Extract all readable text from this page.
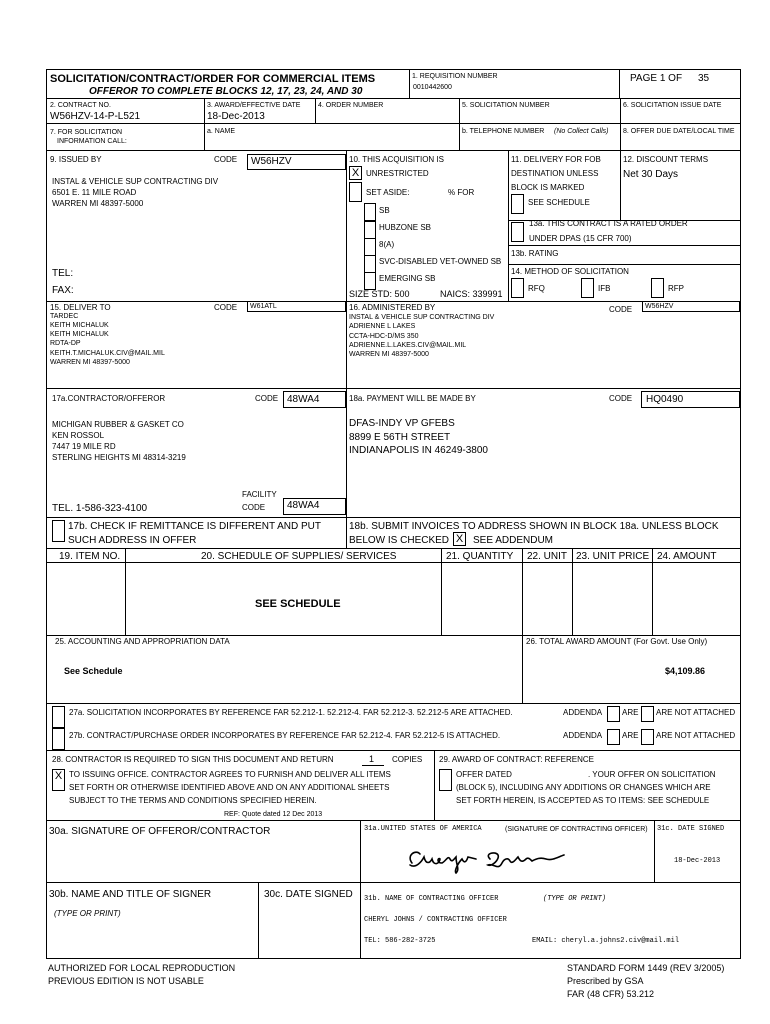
SOLICITATION/CONTRACT/ORDER FOR COMMERCIAL ITEMS
OFFEROR TO COMPLETE BLOCKS 12, 17, 23, 24, AND 30
1. REQUISITION NUMBER
0010442600
PAGE 1 OF 35
2. CONTRACT NO.
W56HZV-14-P-L521
3. AWARD/EFFECTIVE DATE
18-Dec-2013
4. ORDER NUMBER	5. SOLICITATION NUMBER	6. SOLICITATION ISSUE DATE
7. FOR SOLICITATION
INFORMATION CALL:
a. NAME	b. TELEPHONE NUMBER (No Collect Calls) 8. OFFER DUE DATE/LOCAL TIME
9. ISSUED BY	CODE W56HZV
INSTAL & VEHICLE SUP CONTRACTING DIV
6501 E. 11 MILE ROAD
WARREN MI 48397-5000
TEL:
FAX:
10. THIS ACQUISITION IS
X UNRESTRICTED
SET ASIDE:	% FOR
SB
HUBZONE SB
8(A)
SVC-DISABLED VET-OWNED SB
EMERGING SB
SIZE STD: 500	NAICS: 339991
11. DELIVERY FOR FOB
DESTINATION UNLESS
BLOCK IS MARKED
SEE SCHEDULE
12. DISCOUNT TERMS
Net 30 Days
13a. THIS CONTRACT IS A RATED ORDER
UNDER DPAS (15 CFR 700)
13b. RATING
14. METHOD OF SOLICITATION
RFQ	IFB	RFP
15. DELIVER TO	CODE W61ATL
TARDEC
KEITH MICHALUK
KEITH MICHALUK
RDTA-DP
KEITH.T.MICHALUK.CIV@MAIL.MIL
WARREN MI 48397-5000
16. ADMINISTERED BY	CODE W56HZV
INSTAL & VEHICLE SUP CONTRACTING DIV
ADRIENNE L LAKES
CCTA-HDC-D/MS 350
ADRIENNE.L.LAKES.CIV@MAIL.MIL
WARREN MI 48397-5000
17a.CONTRACTOR/OFFEROR	CODE 48WA4
MICHIGAN RUBBER & GASKET CO
KEN ROSSOL
7447 19 MILE RD
STERLING HEIGHTS MI 48314-3219
TEL. 1-586-323-4100
FACILITY
CODE 48WA4
18a. PAYMENT WILL BE MADE BY	CODE HQ0490
DFAS-INDY VP GFEBS
8899 E 56TH STREET
INDIANAPOLIS IN 46249-3800
17b. CHECK IF REMITTANCE IS DIFFERENT AND PUT
SUCH ADDRESS IN OFFER
18b. SUBMIT INVOICES TO ADDRESS SHOWN IN BLOCK 18a. UNLESS BLOCK
BELOW IS CHECKED X SEE ADDENDUM
19. ITEM NO.	20. SCHEDULE OF SUPPLIES/ SERVICES	21. QUANTITY 22. UNIT 23. UNIT PRICE 24. AMOUNT
SEE SCHEDULE
25. ACCOUNTING AND APPROPRIATION DATA
See Schedule
26. TOTAL AWARD AMOUNT (For Govt. Use Only)
$4,109.86
27a. SOLICITATION INCORPORATES BY REFERENCE FAR 52.212-1. 52.212-4. FAR 52.212-3. 52.212-5 ARE ATTACHED.	ADDENDA ARE ARE NOT ATTACHED
27b. CONTRACT/PURCHASE ORDER INCORPORATES BY REFERENCE FAR 52.212-4. FAR 52.212-5 IS ATTACHED.	ADDENDA ARE ARE NOT ATTACHED
28. CONTRACTOR IS REQUIRED TO SIGN THIS DOCUMENT AND RETURN	1 COPIES
X TO ISSUING OFFICE. CONTRACTOR AGREES TO FURNISH AND DELIVER ALL ITEMS
SET FORTH OR OTHERWISE IDENTIFIED ABOVE AND ON ANY ADDITIONAL SHEETS
SUBJECT TO THE TERMS AND CONDITIONS SPECIFIED HEREIN.
REF: Quote dated 12 Dec 2013
29. AWARD OF CONTRACT: REFERENCE
OFFER DATED	. YOUR OFFER ON SOLICITATION
(BLOCK 5), INCLUDING ANY ADDITIONS OR CHANGES WHICH ARE
SET FORTH HEREIN, IS ACCEPTED AS TO ITEMS: SEE SCHEDULE
30a. SIGNATURE OF OFFEROR/CONTRACTOR	31a.UNITED STATES OF AMERICA	(SIGNATURE OF CONTRACTING OFFICER) 31c. DATE SIGNED
18-Dec-2013
30b. NAME AND TITLE OF SIGNER
(TYPE OR PRINT)
30c. DATE SIGNED 31b. NAME OF CONTRACTING OFFICER	(TYPE OR PRINT)
CHERYL JOHNS / CONTRACTING OFFICER
TEL: 586-282-3725	EMAIL: cheryl.a.johns2.civ@mail.mil
AUTHORIZED FOR LOCAL REPRODUCTION
PREVIOUS EDITION IS NOT USABLE
STANDARD FORM 1449 (REV 3/2005)
Prescribed by GSA
FAR (48 CFR) 53.212
